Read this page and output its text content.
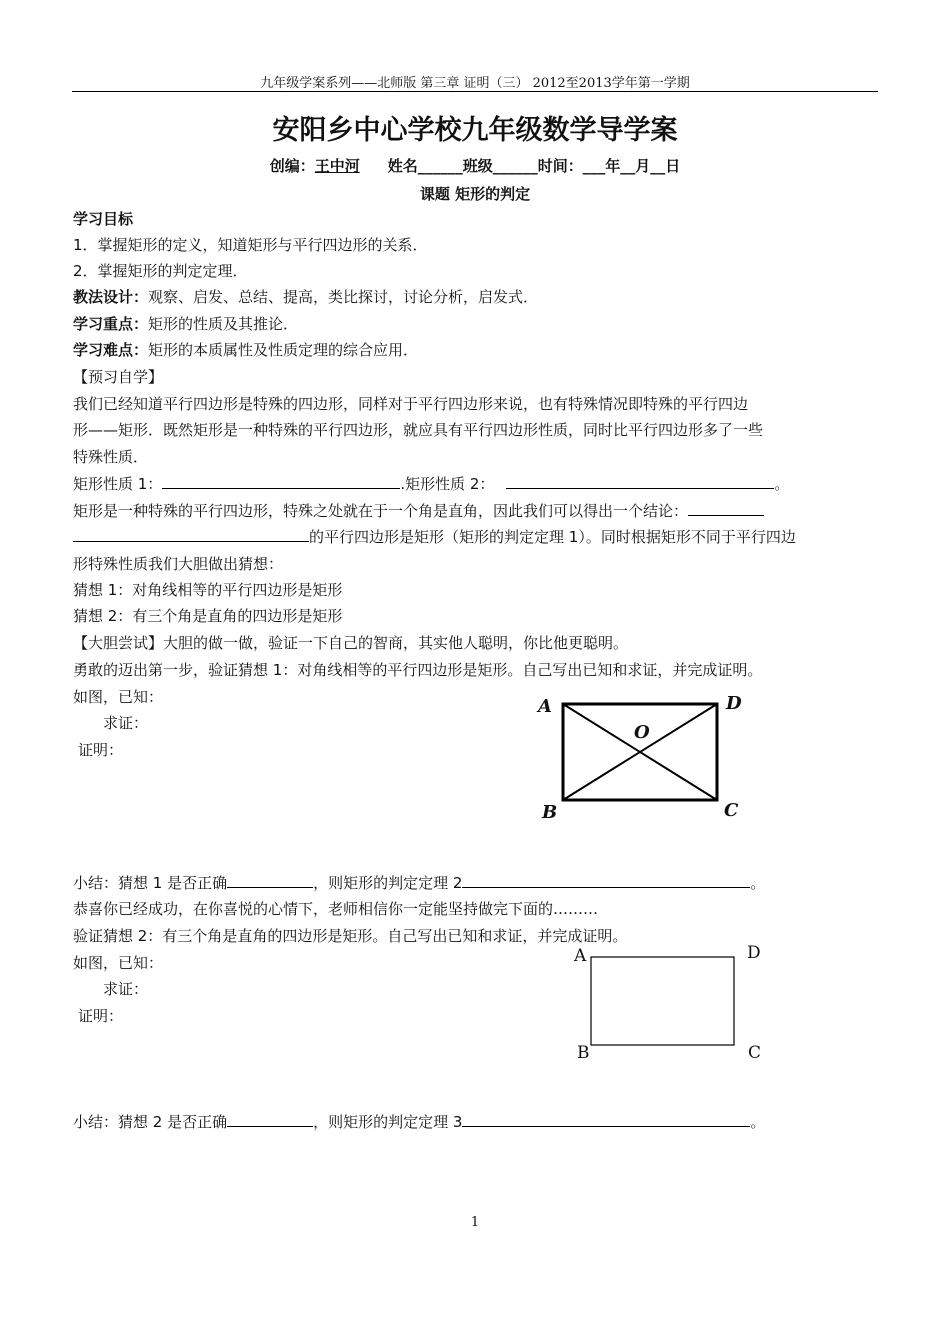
九年级学案系列——北师版 第三章 证明（三） 2012至2013学年第一学期
安阳乡中心学校九年级数学导学案
创编：王中河 姓名______班级______时间：___年__月__日
课题 矩形的判定
学习目标
1．掌握矩形的定义，知道矩形与平行四边形的关系．
2．掌握矩形的判定定理．
教法设计：观察、启发、总结、提高，类比探讨，讨论分析，启发式．
学习重点：矩形的性质及其推论．
学习难点：矩形的本质属性及性质定理的综合应用．
【预习自学】
我们已经知道平行四边形是特殊的四边形，同样对于平行四边形来说，也有特殊情况即特殊的平行四边
形——矩形．既然矩形是一种特殊的平行四边形，就应具有平行四边形性质，同时比平行四边形多了一些
特殊性质．
矩形性质 1：	.矩形性质 2：	。
矩形是一种特殊的平行四边形，特殊之处就在于一个角是直角，因此我们可以得出一个结论：
的平行四边形是矩形（矩形的判定定理 1）。同时根据矩形不同于平行四边
形特殊性质我们大胆做出猜想：
猜想 1：对角线相等的平行四边形是矩形
猜想 2：有三个角是直角的四边形是矩形
【大胆尝试】大胆的做一做，验证一下自己的智商，其实他人聪明，你比他更聪明。
勇敢的迈出第一步，验证猜想 1：对角线相等的平行四边形是矩形。自己写出已知和求证，并完成证明。
如图，已知：
求证：
证明：
A	D
O
B	C
小结：猜想 1 是否正确	，则矩形的判定定理 2	。
恭喜你已经成功，在你喜悦的心情下，老师相信你一定能坚持做完下面的………
验证猜想 2：有三个角是直角的四边形是矩形。自己写出已知和求证，并完成证明。
如图，已知：
求证：
证明：
A	D
B	C
小结：猜想 2 是否正确	，则矩形的判定定理 3	。
1
